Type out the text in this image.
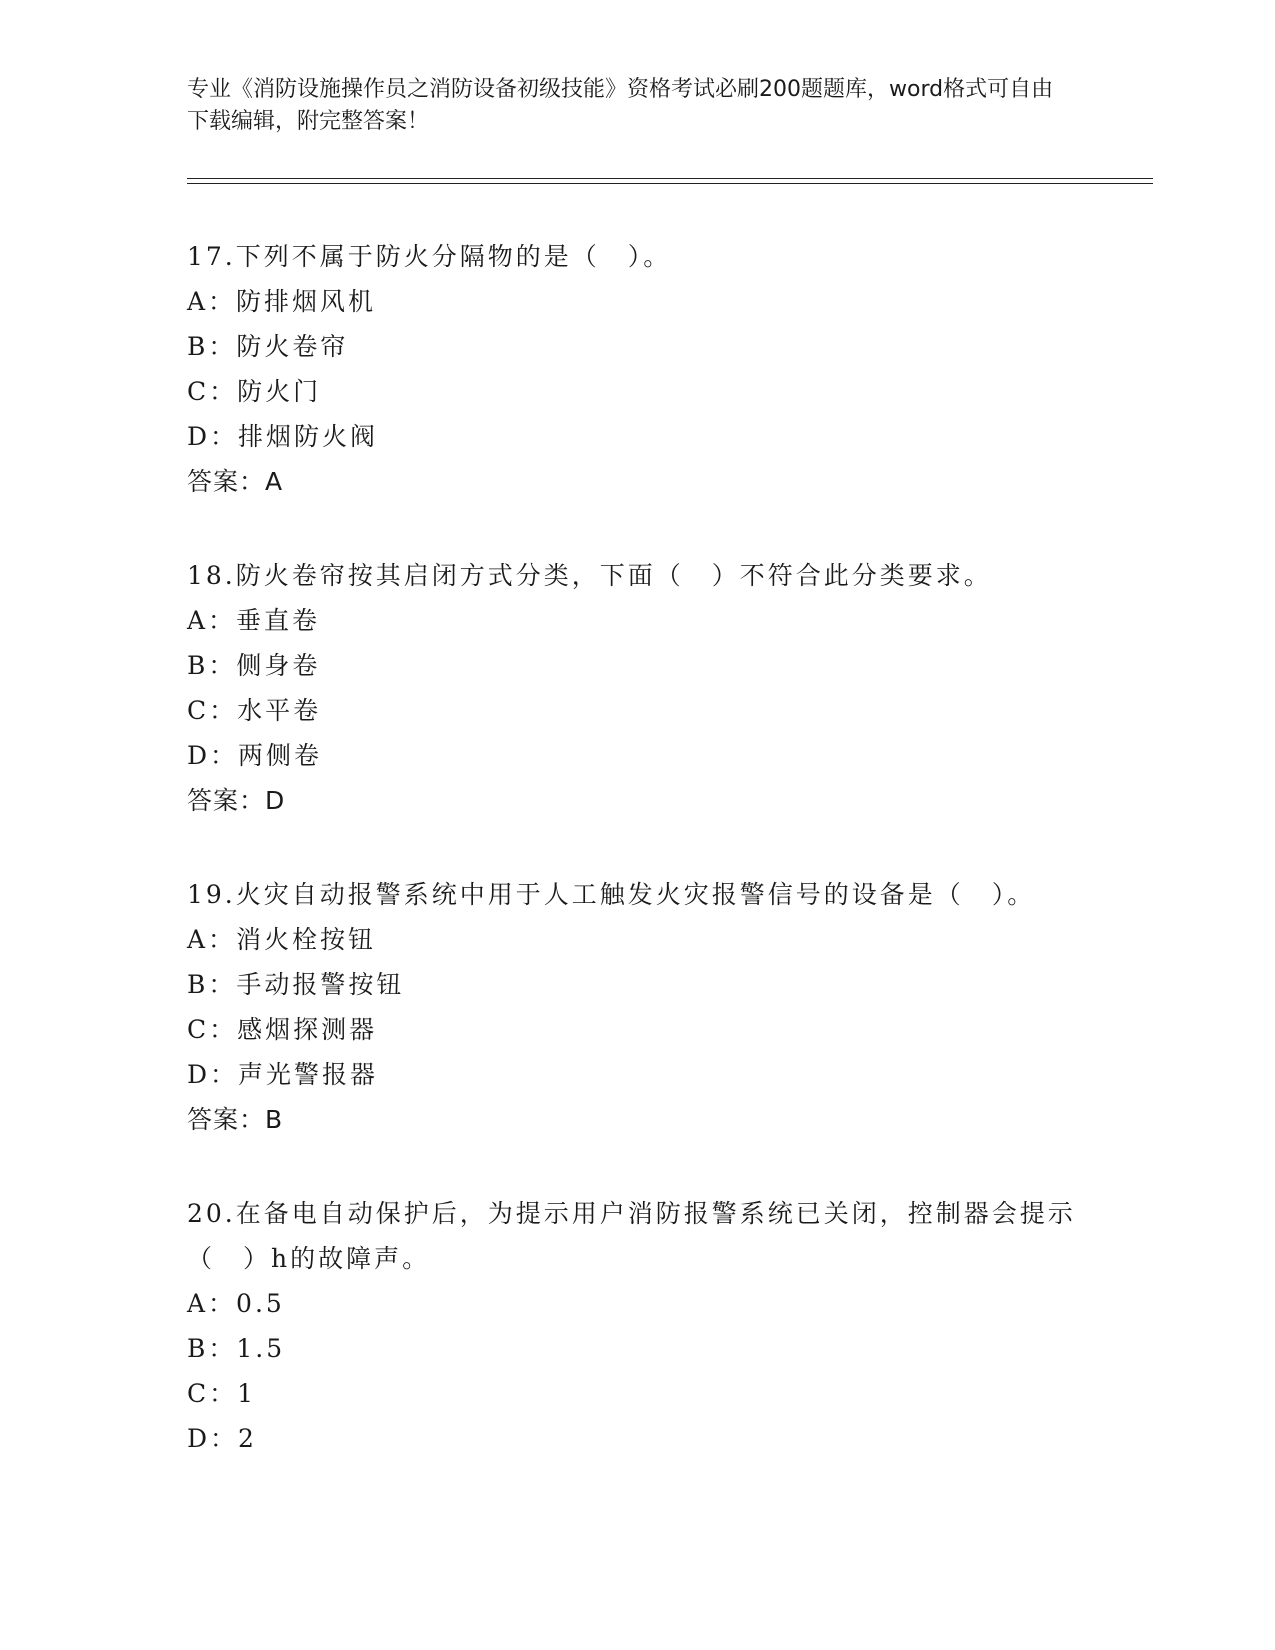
专业《消防设施操作员之消防设备初级技能》资格考试必刷200题题库，word格式可自由下载编辑，附完整答案！

17.下列不属于防火分隔物的是（　）。

A：防排烟风机

B：防火卷帘

C：防火门

D：排烟防火阀

答案：A

18.防火卷帘按其启闭方式分类，下面（　）不符合此分类要求。

A：垂直卷

B：侧身卷

C：水平卷

D：两侧卷

答案：D

19.火灾自动报警系统中用于人工触发火灾报警信号的设备是（　）。

A：消火栓按钮

B：手动报警按钮

C：感烟探测器

D：声光警报器

答案：B

20.在备电自动保护后，为提示用户消防报警系统已关闭，控制器会提示（　）h的故障声。

A：0.5

B：1.5

C：1

D：2
